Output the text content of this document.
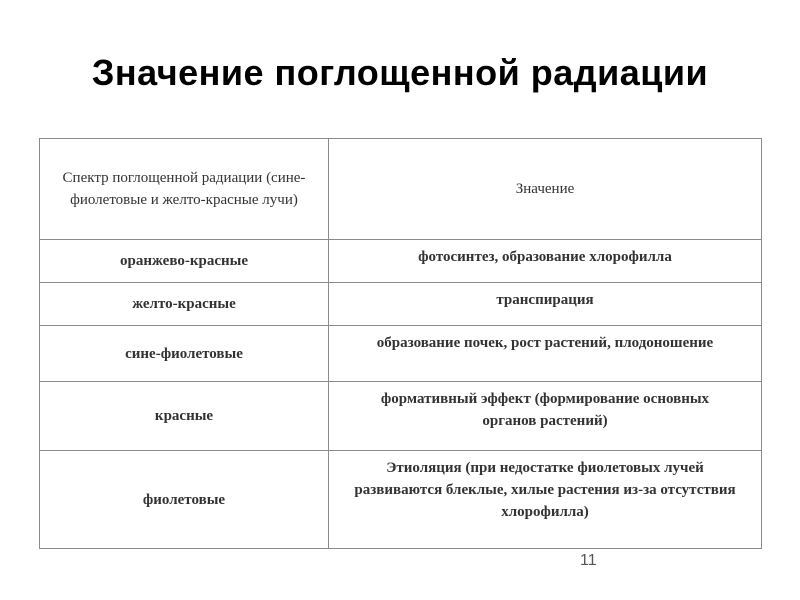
Значение поглощенной радиации
Спектр поглощенной радиации (сине-фиолетовые и желто-красные лучи)	Значение
оранжево-красные	фотосинтез, образование хлорофилла
желто-красные	транспирация
сине-фиолетовые	образование почек, рост растений, плодоношение
красные	формативный эффект (формирование основных органов растений)
фиолетовые	Этиоляция (при недостатке фиолетовых лучей развиваются блеклые, хилые растения из-за отсутствия хлорофилла)
11
